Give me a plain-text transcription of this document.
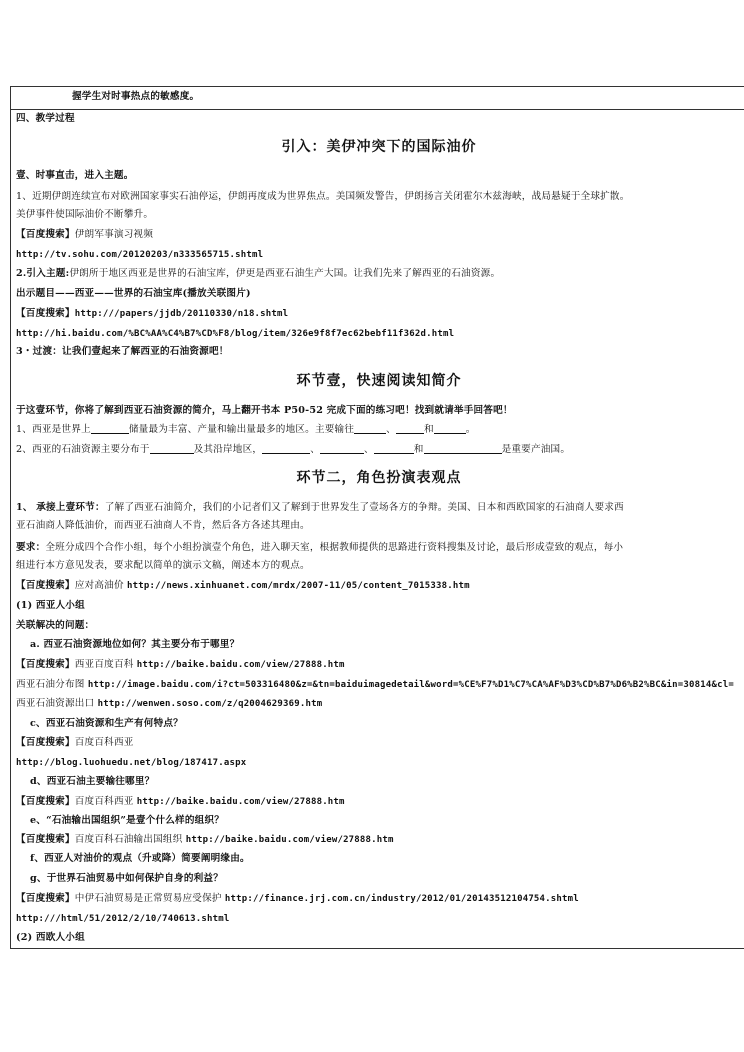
握学生对时事热点的敏感度。
四、教学过程
引入：美伊冲突下的国际油价
壹、时事直击，进入主题。
1、近期伊朗连续宣布对欧洲国家事实石油停运，伊朗再度成为世界焦点。美国频发警告，伊朗扬言关闭霍尔木兹海峡，战局悬疑于全球扩散。
美伊事件使国际油价不断攀升。
【百度搜索】伊朗军事演习视频
http://tv.sohu.com/20120203/n333565715.shtml
2.引入主题:伊朗所于地区西亚是世界的石油宝库，伊更是西亚石油生产大国。让我们先来了解西亚的石油资源。
出示题目——西亚——世界的石油宝库(播放关联图片)
【百度搜索】http:///papers/jjdb/20110330/n18.shtml
http://hi.baidu.com/%BC%AA%C4%B7%CD%F8/blog/item/326e9f8f7ec62bebf11f362d.html
3・过渡：让我们壹起来了解西亚的石油资源吧！
环节壹，快速阅读知简介
于这壹环节，你将了解到西亚石油资源的简介，马上翻开书本 P50-52 完成下面的练习吧！找到就请举手回答吧！
1、西亚是世界上	储量最为丰富、产量和输出量最多的地区。主要输往	、	和	。
2、西亚的石油资源主要分布于	及其沿岸地区，	、	、	和	是重要产油国。
环节二，角色扮演表观点
1、 承接上壹环节：了解了西亚石油简介，我们的小记者们又了解到于世界发生了壹场各方的争辩。美国、日本和西欧国家的石油商人要求西
亚石油商人降低油价，而西亚石油商人不肯，然后各方各述其理由。
要求：全班分成四个合作小组，每个小组扮演壹个角色，进入聊天室，根据教师提供的思路进行资料搜集及讨论，最后形成壹致的观点，每小
组进行本方意见发表，要求配以简单的演示文稿，阐述本方的观点。
【百度搜索】应对高油价 http://news.xinhuanet.com/mrdx/2007-11/05/content_7015338.htm
(1) 西亚人小组
关联解决的问题：
a. 西亚石油资源地位如何？其主要分布于哪里？
【百度搜索】西亚百度百科 http://baike.baidu.com/view/27888.htm
西亚石油分布图 http://image.baidu.com/i?ct=503316480&z=&tn=baiduimagedetail&word=%CE%F7%D1%C7%CA%AF%D3%CD%B7%D6%B2%BC&in=30814&cl=
西亚石油资源出口 http://wenwen.soso.com/z/q2004629369.htm
c、西亚石油资源和生产有何特点？
【百度搜索】百度百科西亚
http://blog.luohuedu.net/blog/187417.aspx
d、西亚石油主要输往哪里？
【百度搜索】百度百科西亚 http://baike.baidu.com/view/27888.htm
e、“石油输出国组织”是壹个什么样的组织？
【百度搜索】百度百科石油输出国组织 http://baike.baidu.com/view/27888.htm
f、西亚人对油价的观点（升或降）简要阐明缘由。
g、于世界石油贸易中如何保护自身的利益？
【百度搜索】中伊石油贸易是正常贸易应受保护 http://finance.jrj.com.cn/industry/2012/01/20143512104754.shtml
http:///html/51/2012/2/10/740613.shtml
(2) 西欧人小组
